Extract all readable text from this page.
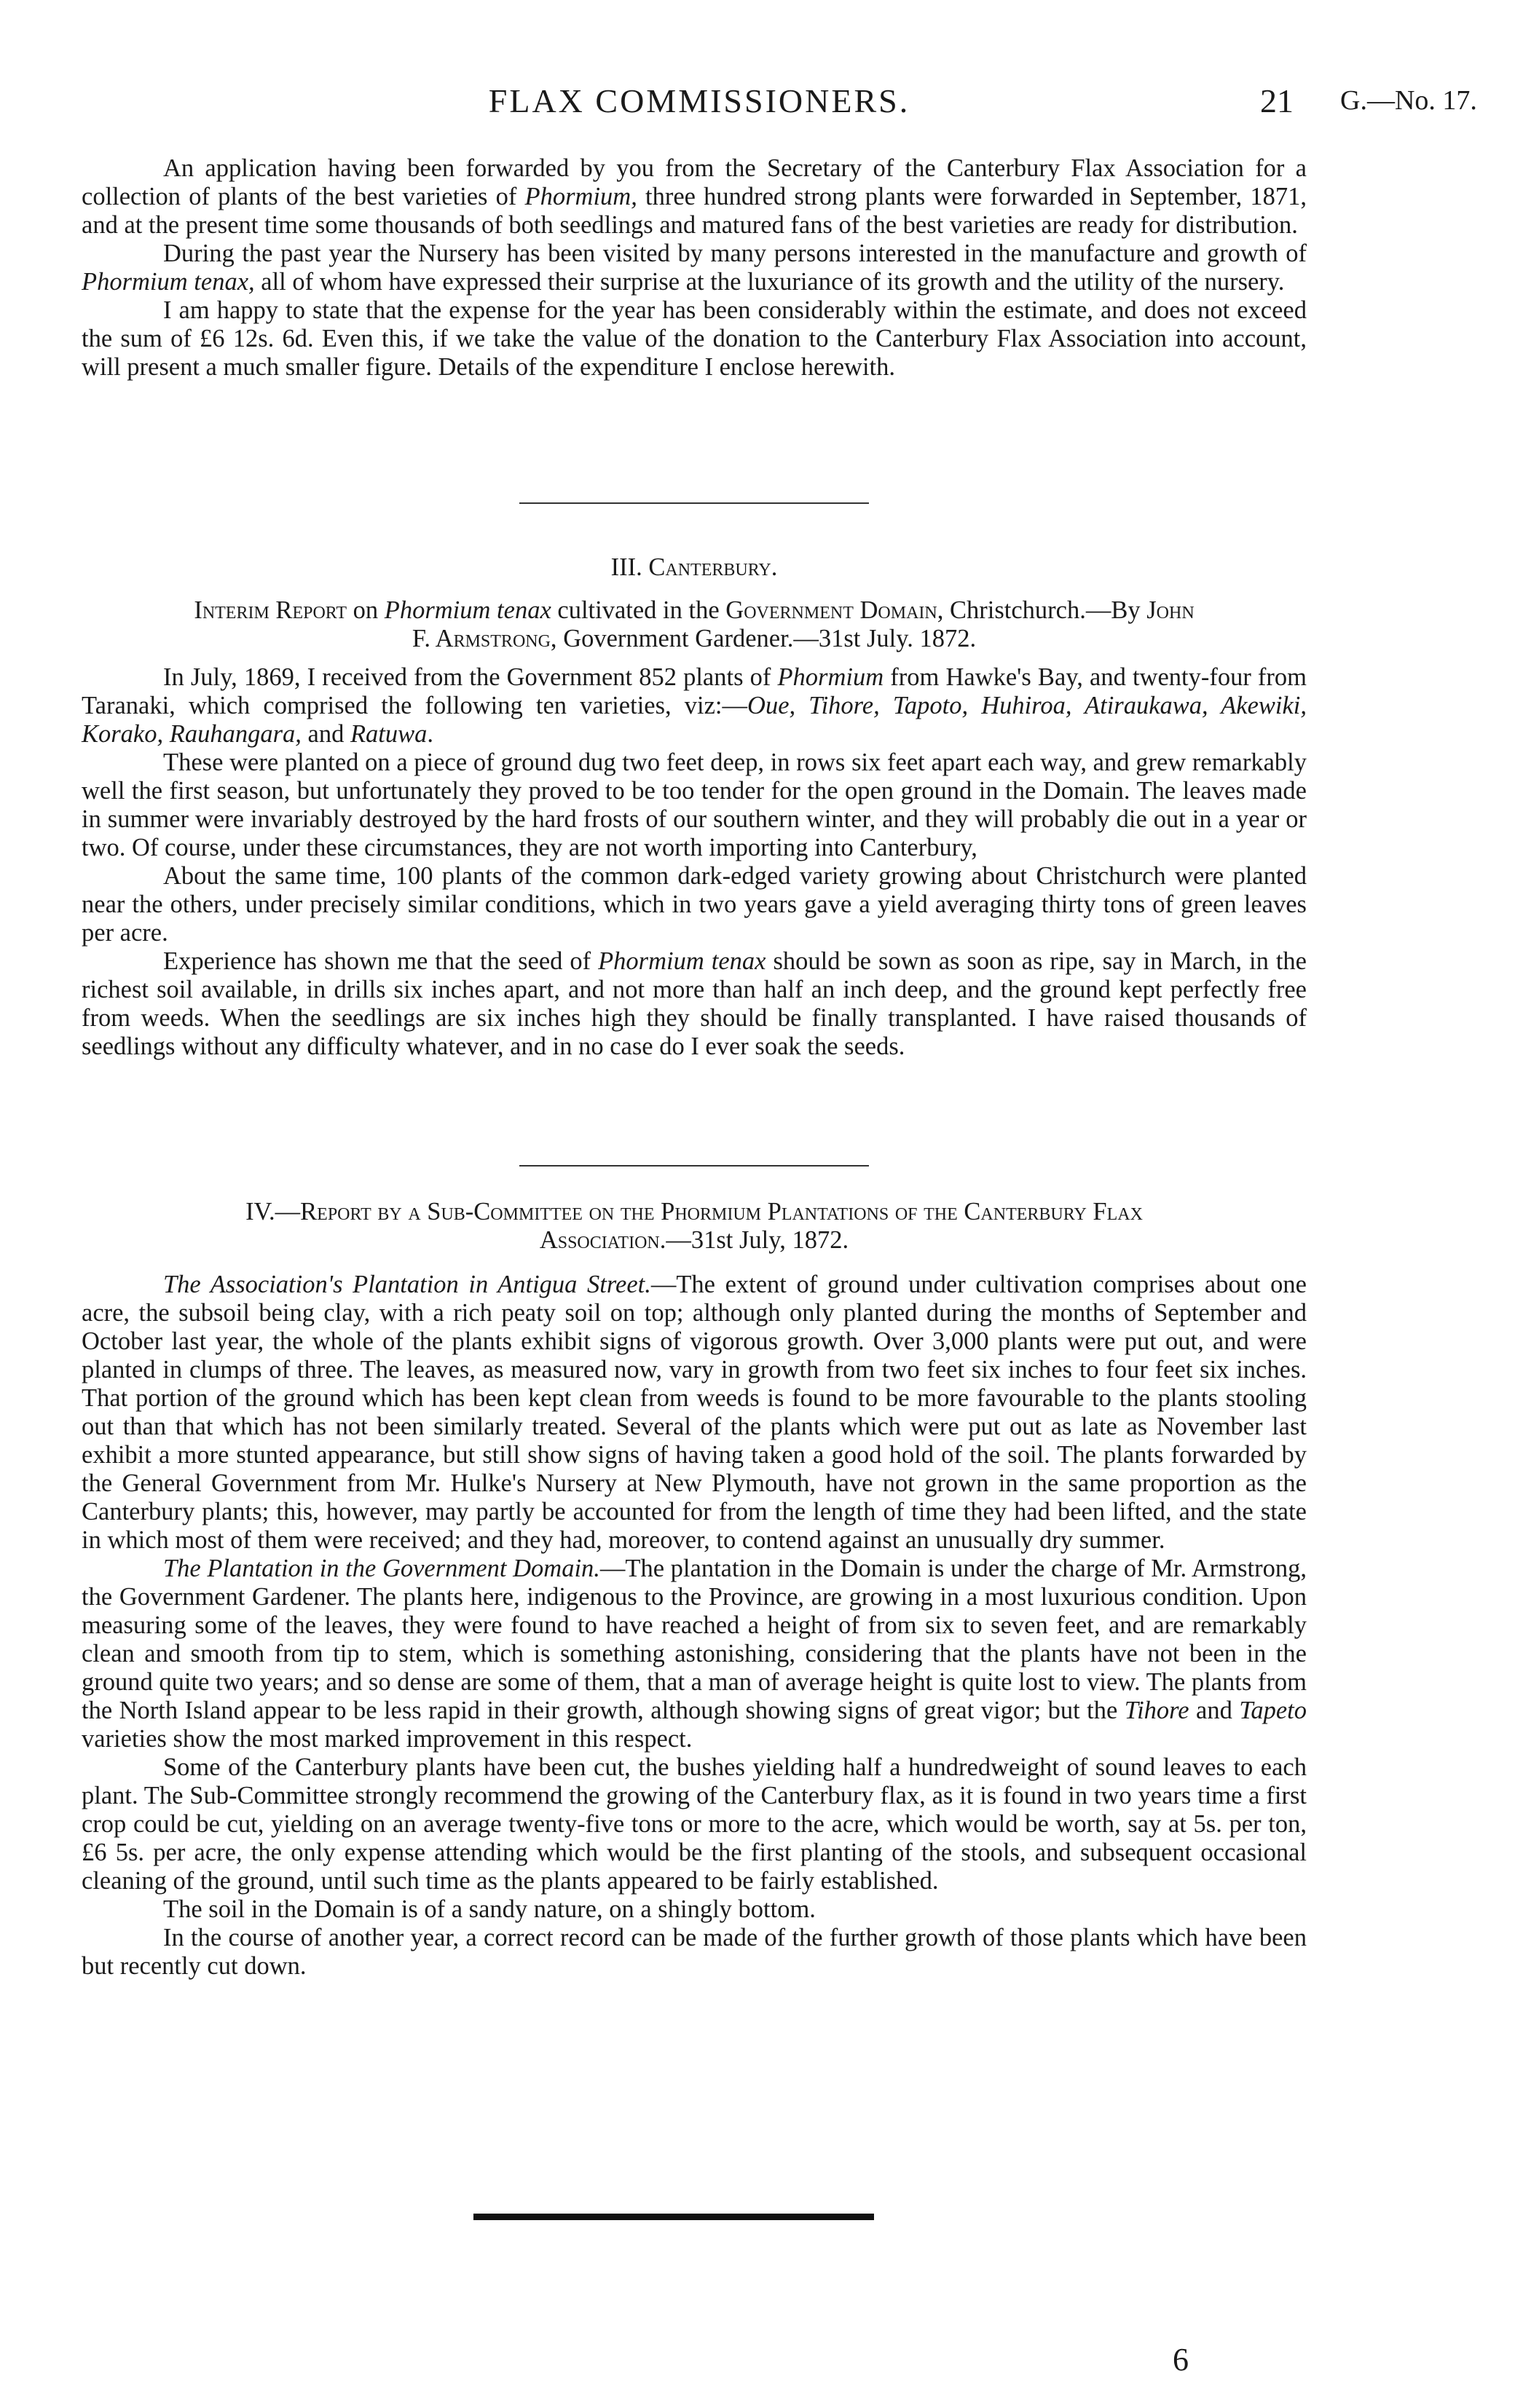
FLAX COMMISSIONERS.	21 G.—No. 17.

An application having been forwarded by you from the Secretary of the Canterbury Flax Association for a collection of plants of the best varieties of Phormium, three hundred strong plants were forwarded in September, 1871, and at the present time some thousands of both seedlings and matured fans of the best varieties are ready for distribution.

During the past year the Nursery has been visited by many persons interested in the manufacture and growth of Phormium tenax, all of whom have expressed their surprise at the luxuriance of its growth and the utility of the nursery.

I am happy to state that the expense for the year has been considerably within the estimate, and does not exceed the sum of £6 12s. 6d. Even this, if we take the value of the donation to the Canterbury Flax Association into account, will present a much smaller figure. Details of the expenditure I enclose herewith.

III. Canterbury.
Interim Report on Phormium tenax cultivated in the Government Domain, Christchurch.—By John
F. Armstrong, Government Gardener.—31st July. 1872.

In July, 1869, I received from the Government 852 plants of Phormium from Hawke's Bay, and twenty-four from Taranaki, which comprised the following ten varieties, viz:—Oue, Tihore, Tapoto, Huhiroa, Atiraukawa, Akewiki, Korako, Rauhangara, and Ratuwa.

These were planted on a piece of ground dug two feet deep, in rows six feet apart each way, and grew remarkably well the first season, but unfortunately they proved to be too tender for the open ground in the Domain. The leaves made in summer were invariably destroyed by the hard frosts of our southern winter, and they will probably die out in a year or two. Of course, under these circumstances, they are not worth importing into Canterbury,

About the same time, 100 plants of the common dark-edged variety growing about Christchurch were planted near the others, under precisely similar conditions, which in two years gave a yield averaging thirty tons of green leaves per acre.

Experience has shown me that the seed of Phormium tenax should be sown as soon as ripe, say in March, in the richest soil available, in drills six inches apart, and not more than half an inch deep, and the ground kept perfectly free from weeds. When the seedlings are six inches high they should be finally transplanted. I have raised thousands of seedlings without any difficulty whatever, and in no case do I ever soak the seeds.

IV.—Report by a Sub-Committee on the Phormium Plantations of the Canterbury Flax
Association.—31st July, 1872.

The Association's Plantation in Antigua Street.—The extent of ground under cultivation comprises about one acre, the subsoil being clay, with a rich peaty soil on top; although only planted during the months of September and October last year, the whole of the plants exhibit signs of vigorous growth. Over 3,000 plants were put out, and were planted in clumps of three. The leaves, as measured now, vary in growth from two feet six inches to four feet six inches. That portion of the ground which has been kept clean from weeds is found to be more favourable to the plants stooling out than that which has not been similarly treated. Several of the plants which were put out as late as November last exhibit a more stunted appearance, but still show signs of having taken a good hold of the soil. The plants forwarded by the General Government from Mr. Hulke's Nursery at New Plymouth, have not grown in the same proportion as the Canterbury plants; this, however, may partly be accounted for from the length of time they had been lifted, and the state in which most of them were received; and they had, moreover, to contend against an unusually dry summer.

The Plantation in the Government Domain.—The plantation in the Domain is under the charge of Mr. Armstrong, the Government Gardener. The plants here, indigenous to the Province, are growing in a most luxurious condition. Upon measuring some of the leaves, they were found to have reached a height of from six to seven feet, and are remarkably clean and smooth from tip to stem, which is something astonishing, considering that the plants have not been in the ground quite two years; and so dense are some of them, that a man of average height is quite lost to view. The plants from the North Island appear to be less rapid in their growth, although showing signs of great vigor; but the Tihore and Tapeto varieties show the most marked improvement in this respect.

Some of the Canterbury plants have been cut, the bushes yielding half a hundredweight of sound leaves to each plant. The Sub-Committee strongly recommend the growing of the Canterbury flax, as it is found in two years time a first crop could be cut, yielding on an average twenty-five tons or more to the acre, which would be worth, say at 5s. per ton, £6 5s. per acre, the only expense attending which would be the first planting of the stools, and subsequent occasional cleaning of the ground, until such time as the plants appeared to be fairly established.

The soil in the Domain is of a sandy nature, on a shingly bottom.

In the course of another year, a correct record can be made of the further growth of those plants which have been but recently cut down.

6
